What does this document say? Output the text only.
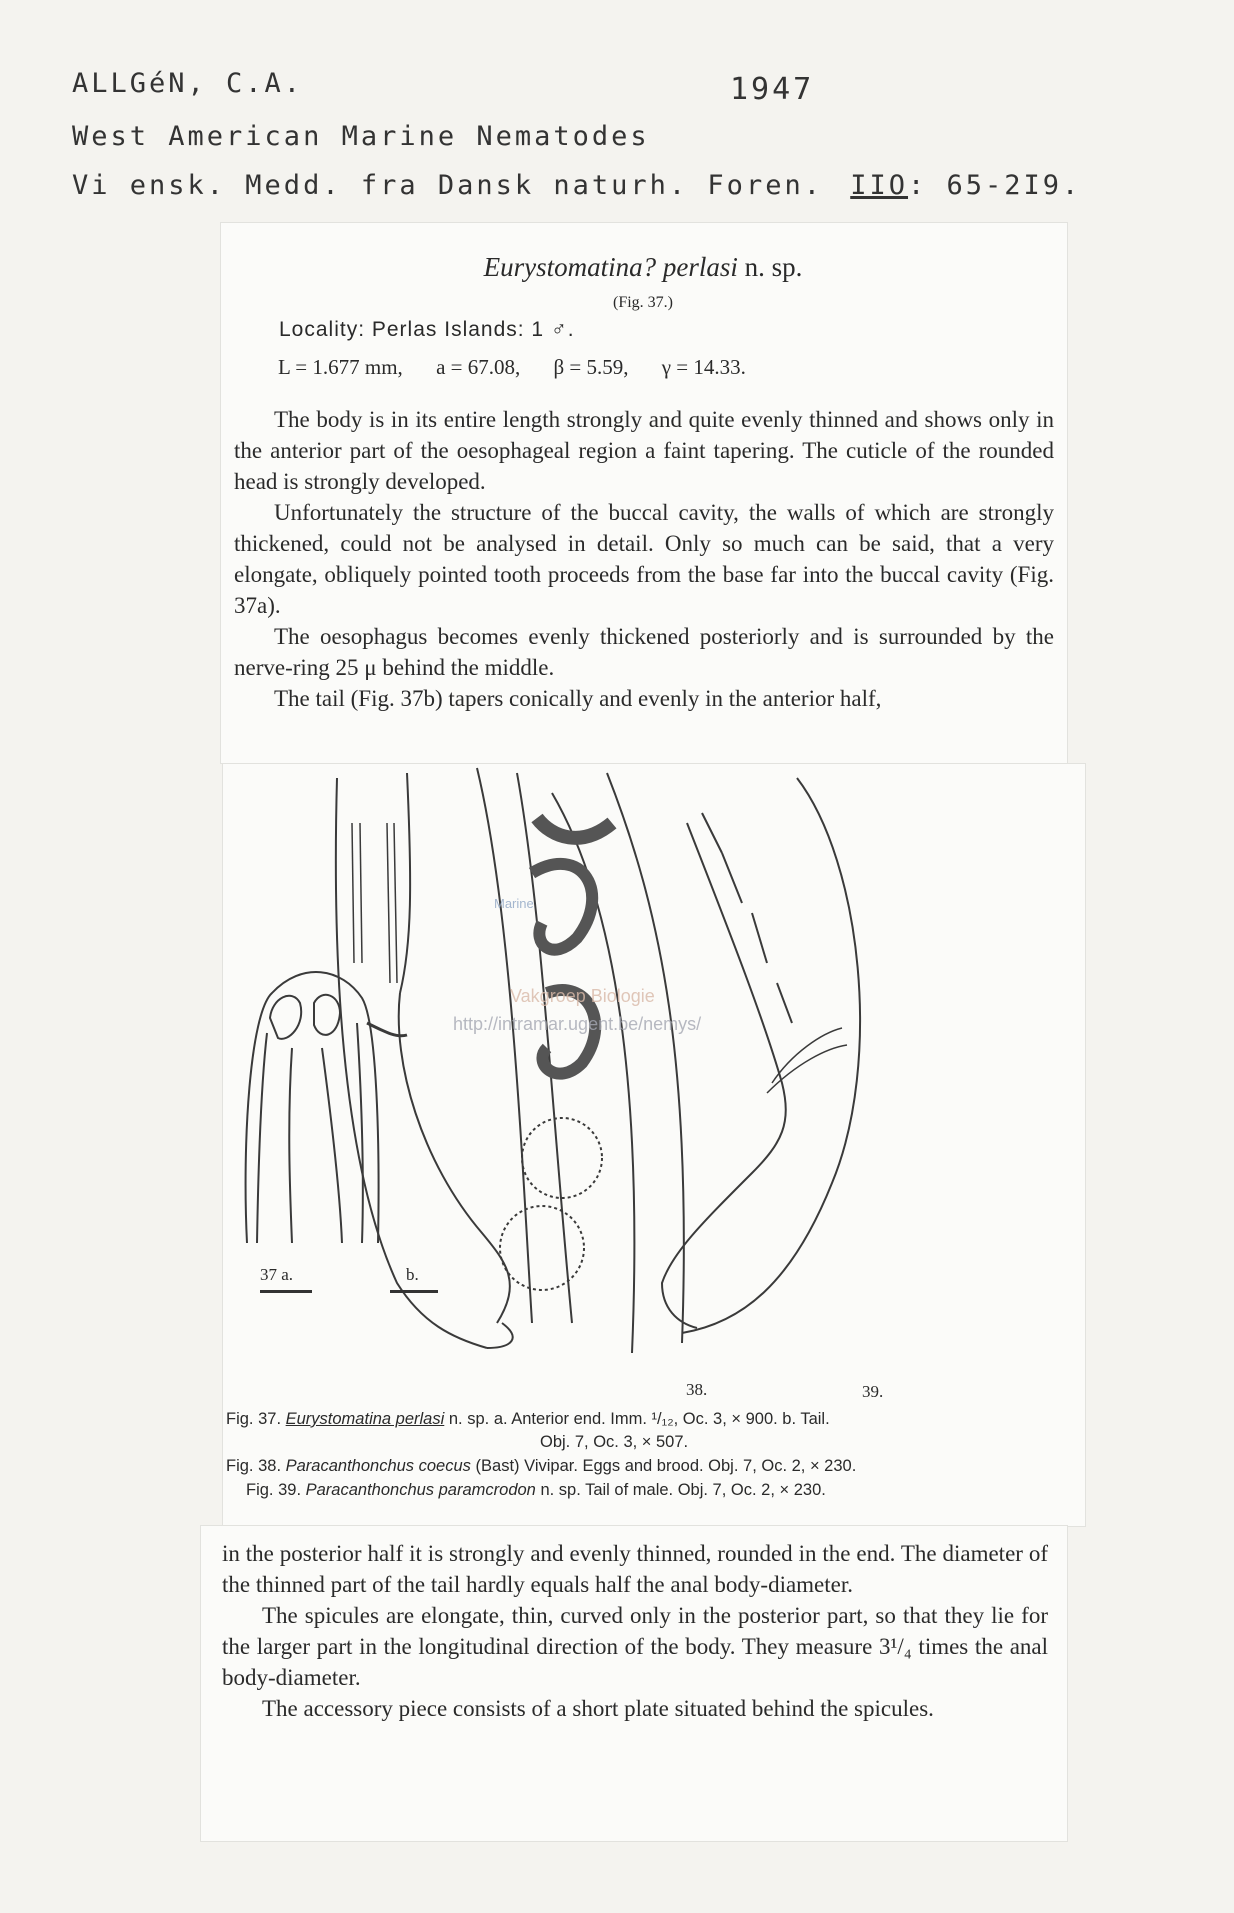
ALLGéN, C.A.	1947
West American Marine Nematodes
Vi ensk. Medd. fra Dansk naturh. Foren. IIO: 65-2I9.
Eurystomatina? perlasi n. sp.
(Fig. 37.)
Locality: Perlas Islands: 1 ♂.
L = 1.677 mm, a = 67.08, β = 5.59, γ = 14.33.

The body is in its entire length strongly and quite evenly thinned and shows only in the anterior part of the oesophageal region a faint tapering. The cuticle of the rounded head is strongly developed.

Unfortunately the structure of the buccal cavity, the walls of which are strongly thickened, could not be analysed in detail. Only so much can be said, that a very elongate, obliquely pointed tooth proceeds from the base far into the buccal cavity (Fig. 37a).

The oesophagus becomes evenly thickened posteriorly and is surrounded by the nerve-ring 25 μ behind the middle.

The tail (Fig. 37b) tapers conically and evenly in the anterior half,

Marine
Vakgroep Biologie
http://intramar.ugent.be/nemys/
37 a.	b.
38.	39.
Fig. 37. Eurystomatina perlasi n. sp. a. Anterior end. Imm. ¹/₁₂, Oc. 3, × 900. b. Tail.
Obj. 7, Oc. 3, × 507.
Fig. 38. Paracanthonchus coecus (Bast) Vivipar. Eggs and brood. Obj. 7, Oc. 2, × 230.
Fig. 39. Paracanthonchus paramcrodon n. sp. Tail of male. Obj. 7, Oc. 2, × 230.

in the posterior half it is strongly and evenly thinned, rounded in the end. The diameter of the thinned part of the tail hardly equals half the anal body-diameter.

The spicules are elongate, thin, curved only in the posterior part, so that they lie for the larger part in the longitudinal direction of the body. They measure 3¹/₄ times the anal body-diameter.

The accessory piece consists of a short plate situated behind the spicules.
